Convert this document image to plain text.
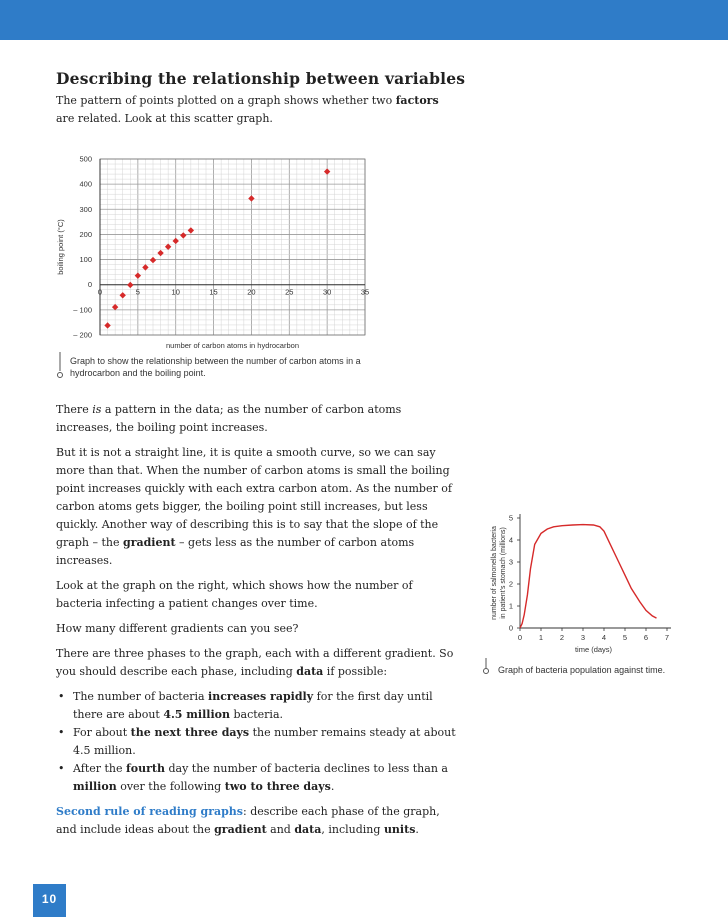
Describing the relationship between variables

The pattern of points plotted on a graph shows whether two factors are related. Look at this scatter graph.

0	5	10	15	20	25	30	35
500
400
300
200
100
0
– 100
– 200
number of carbon atoms in hydrocarbon
boiling point (°C)
Graph to show the relationship between the number of carbon atoms in a hydrocarbon and the boiling point.
0 1 2 3 4 5 6 7
0
1
2
3
4
5
time (days)
number of salmonella bacteria in patient's stomach (millions)
Graph of bacteria population against time.

There is a pattern in the data; as the number of carbon atoms increases, the boiling point increases.

But it is not a straight line, it is quite a smooth curve, so we can say more than that. When the number of carbon atoms is small the boiling point increases quickly with each extra carbon atom. As the number of carbon atoms gets bigger, the boiling point still increases, but less quickly. Another way of describing this is to say that the slope of the graph – the gradient – gets less as the number of carbon atoms increases.

Look at the graph on the right, which shows how the number of bacteria infecting a patient changes over time.

How many different gradients can you see?

There are three phases to the graph, each with a different gradient. So you should describe each phase, including data if possible:

• The number of bacteria increases rapidly for the first day until there are about 4.5 million bacteria.
• For about the next three days the number remains steady at about 4.5 million.
• After the fourth day the number of bacteria declines to less than a million over the following two to three days.

Second rule of reading graphs: describe each phase of the graph, and include ideas about the gradient and data, including units.

10
